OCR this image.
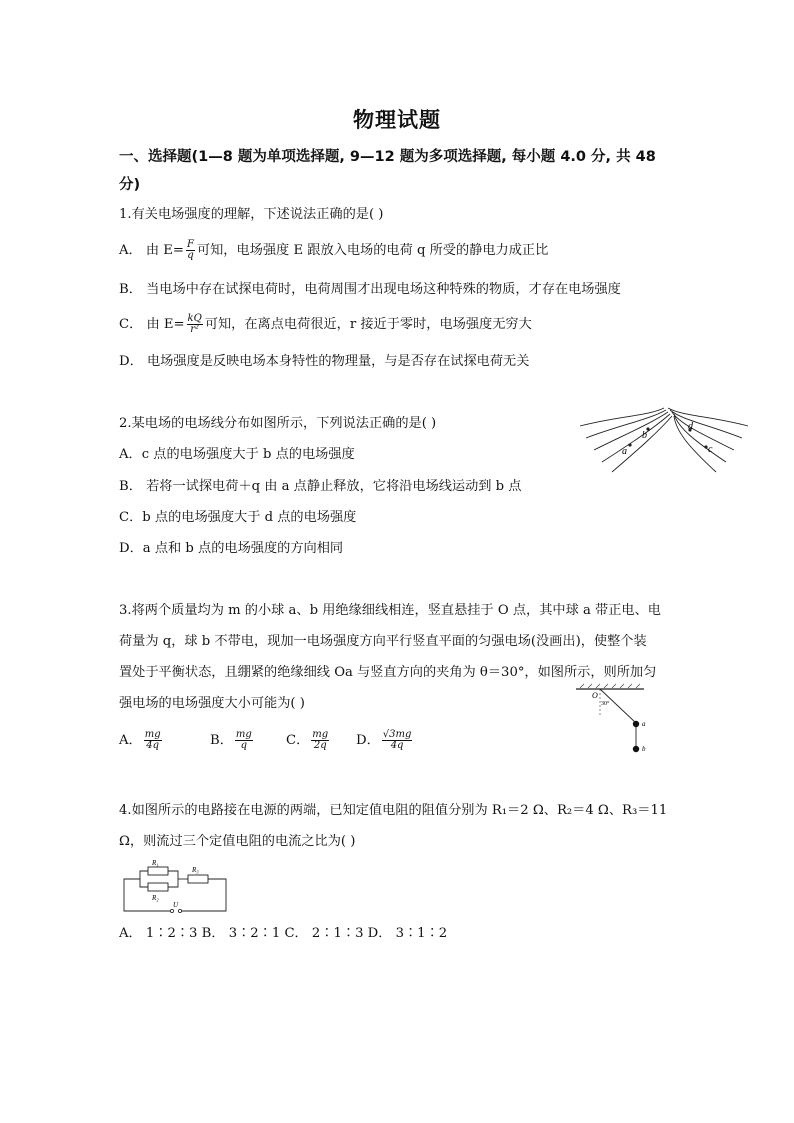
物理试题
一、选择题(1—8 题为单项选择题, 9—12 题为多项选择题, 每小题 4.0 分, 共 48
分)
1.有关电场强度的理解，下述说法正确的是( )
A． 由 $E= \frac{F}{q}$ 可知，电场强度 E 跟放入电场的电荷 q 所受的静电力成正比
B． 当电场中存在试探电荷时，电荷周围才出现电场这种特殊的物质，才存在电场强度
C． 由 $E= \frac{kQ}{\text{r²}}$ 可知，在离点电荷很近，r 接近于零时，电场强度无穷大
D． 电场强度是反映电场本身特性的物理量，与是否存在试探电荷无关
2.某电场的电场线分布如图所示，下列说法正确的是( )
A．c 点的电场强度大于 b 点的电场强度
B． 若将一试探电荷＋q 由 a 点静止释放，它将沿电场线运动到 b 点
C．b 点的电场强度大于 d 点的电场强度
D．a 点和 b 点的电场强度的方向相同
a
b
c
d
3.将两个质量均为 m 的小球 a、b 用绝缘细线相连，竖直悬挂于 O 点，其中球 a 带正电、电
荷量为 q，球 b 不带电，现加一电场强度方向平行竖直平面的匀强电场(没画出)，使整个装
置处于平衡状态，且绷紧的绝缘细线 Oa 与竖直方向的夹角为 θ＝30°，如图所示，则所加匀
强电场的电场强度大小可能为( )
A． $\frac{mg}{4q}$	B． $\frac{mg}{q}$	C． $\frac{mg}{2q}$ D． $\frac{√3mg}{4q}$
O
30°
a
b
4.如图所示的电路接在电源的两端，已知定值电阻的阻值分别为 R₁＝2 Ω、R₂＝4 Ω、R₃＝11
Ω，则流过三个定值电阻的电流之比为( )
R₁
R₂
R₃
U
A． 1∶2∶3 B． 3∶2∶1 C． 2∶1∶3 D． 3∶1∶2
